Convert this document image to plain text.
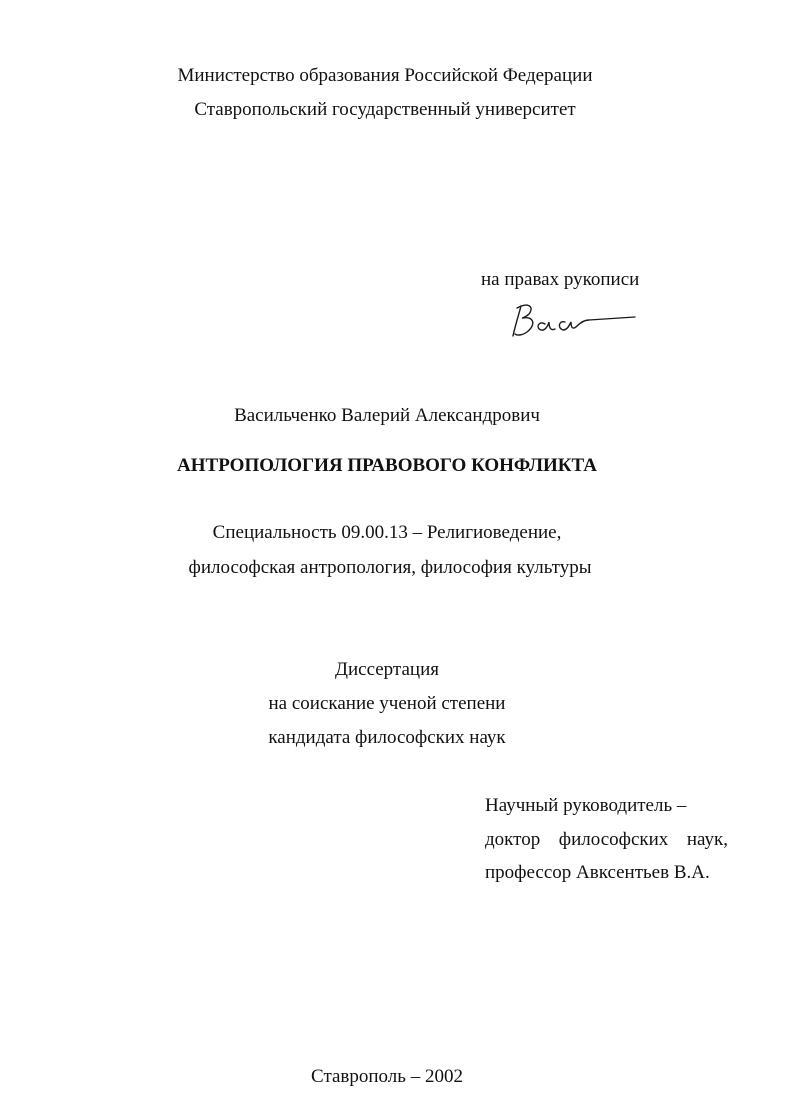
Министерство образования Российской Федерации
Ставропольский государственный университет
на правах рукописи
Васильченко Валерий Александрович
АНТРОПОЛОГИЯ ПРАВОВОГО КОНФЛИКТА
Специальность 09.00.13 – Религиоведение,
философская антропология, философия культуры
Диссертация
на соискание ученой степени
кандидата философских наук
Научный руководитель –
доктор философских наук,
профессор Авксентьев В.А.
Ставрополь – 2002
